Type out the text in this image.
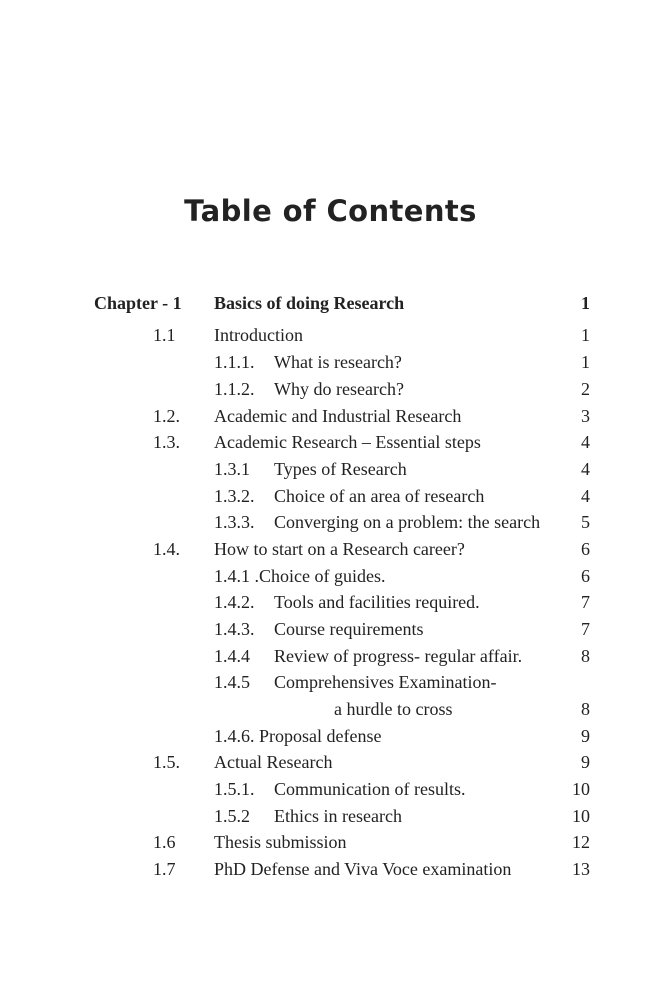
Table of Contents
Chapter - 1 Basics of doing Research	1
1.1 Introduction	1
1.1.1. What is research?	1
1.1.2. Why do research?	2
1.2. Academic and Industrial Research	3
1.3. Academic Research – Essential steps	4
1.3.1 Types of Research	4
1.3.2. Choice of an area of research	4
1.3.3. Converging on a problem: the search 5
1.4. How to start on a Research career?	6
1.4.1 .Choice of guides.	6
1.4.2. Tools and facilities required.	7
1.4.3. Course requirements	7
1.4.4 Review of progress- regular affair.	8
1.4.5 Comprehensives Examination-
a hurdle to cross	8
1.4.6. Proposal defense	9
1.5. Actual Research	9
1.5.1. Communication of results.	10
1.5.2 Ethics in research	10
1.6 Thesis submission	12
1.7 PhD Defense and Viva Voce examination	13
